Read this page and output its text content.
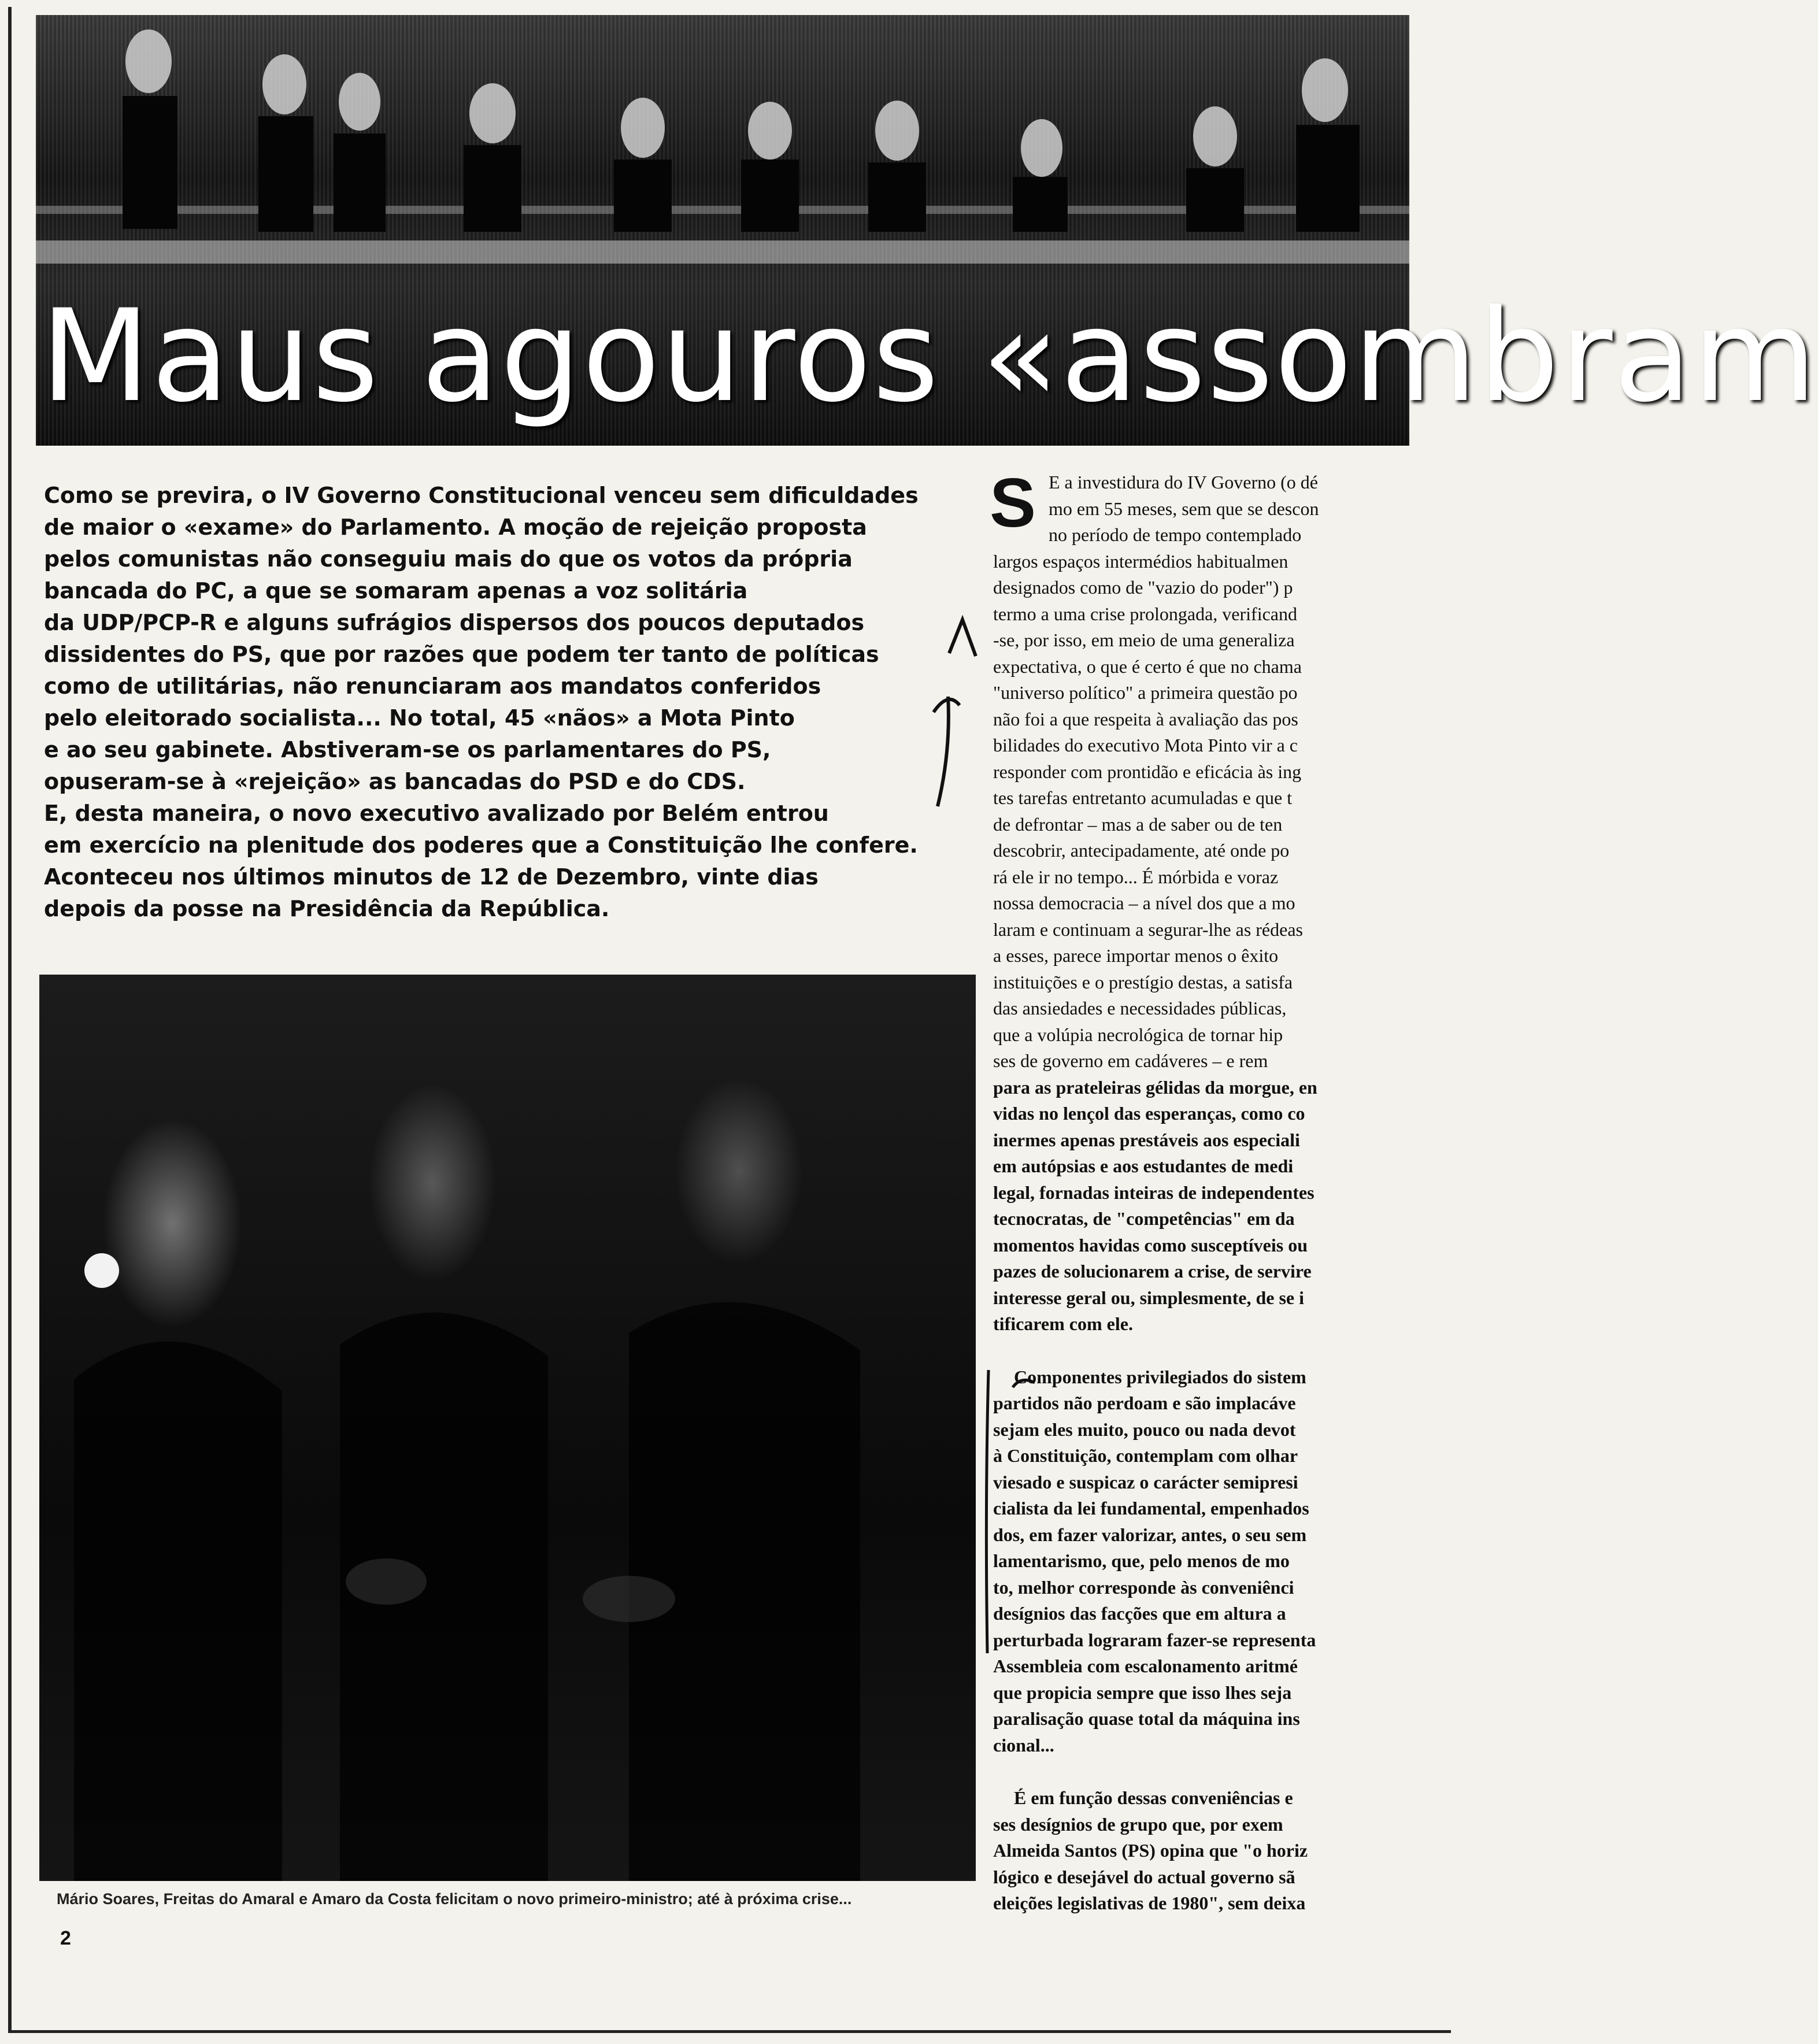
Maus agouros «assombram

Como se previra, o IV Governo Constitucional venceu sem dificuldades
de maior o «exame» do Parlamento. A moção de rejeição proposta
pelos comunistas não conseguiu mais do que os votos da própria
bancada do PC, a que se somaram apenas a voz solitária
da UDP/PCP-R e alguns sufrágios dispersos dos poucos deputados
dissidentes do PS, que por razões que podem ter tanto de políticas
como de utilitárias, não renunciaram aos mandatos conferidos
pelo eleitorado socialista... No total, 45 «nãos» a Mota Pinto
e ao seu gabinete. Abstiveram-se os parlamentares do PS,
opuseram-se à «rejeição» as bancadas do PSD e do CDS.
E, desta maneira, o novo executivo avalizado por Belém entrou
em exercício na plenitude dos poderes que a Constituição lhe confere.
Aconteceu nos últimos minutos de 12 de Dezembro, vinte dias
depois da posse na Presidência da República.

Mário Soares, Freitas do Amaral e Amaro da Costa felicitam o novo primeiro-ministro; até à próxima crise...

2
S E a investidura do IV Governo (o dé
mo em 55 meses, sem que se descon
no período de tempo contemplado
largos espaços intermédios habitualmen
designados como de "vazio do poder") p
termo a uma crise prolongada, verificand
-se, por isso, em meio de uma generaliza
expectativa, o que é certo é que no chama
"universo político" a primeira questão po
não foi a que respeita à avaliação das pos
bilidades do executivo Mota Pinto vir a c
responder com prontidão e eficácia às ing
tes tarefas entretanto acumuladas e que t
de defrontar – mas a de saber ou de ten
descobrir, antecipadamente, até onde po
rá ele ir no tempo... É mórbida e voraz
nossa democracia – a nível dos que a mo
laram e continuam a segurar-lhe as rédeas
a esses, parece importar menos o êxito
instituições e o prestígio destas, a satisfa
das ansiedades e necessidades públicas,
que a volúpia necrológica de tornar hip
ses de governo em cadáveres – e rem
para as prateleiras gélidas da morgue, en
vidas no lençol das esperanças, como co
inermes apenas prestáveis aos especiali
em autópsias e aos estudantes de medi
legal, fornadas inteiras de independentes
tecnocratas, de "competências" em da
momentos havidas como susceptíveis ou
pazes de solucionarem a crise, de servire
interesse geral ou, simplesmente, de se i
tificarem com ele.
Componentes privilegiados do sistem
partidos não perdoam e são implacáve
sejam eles muito, pouco ou nada devot
à Constituição, contemplam com olhar
viesado e suspicaz o carácter semipresi
cialista da lei fundamental, empenhados
dos, em fazer valorizar, antes, o seu sem
lamentarismo, que, pelo menos de mo
to, melhor corresponde às conveniênci
desígnios das facções que em altura a
perturbada lograram fazer-se representa
Assembleia com escalonamento aritmé
que propicia sempre que isso lhes seja
paralisação quase total da máquina ins
cional...
É em função dessas conveniências e
ses desígnios de grupo que, por exem
Almeida Santos (PS) opina que "o horiz
lógico e desejável do actual governo sã
eleições legislativas de 1980", sem deixa
